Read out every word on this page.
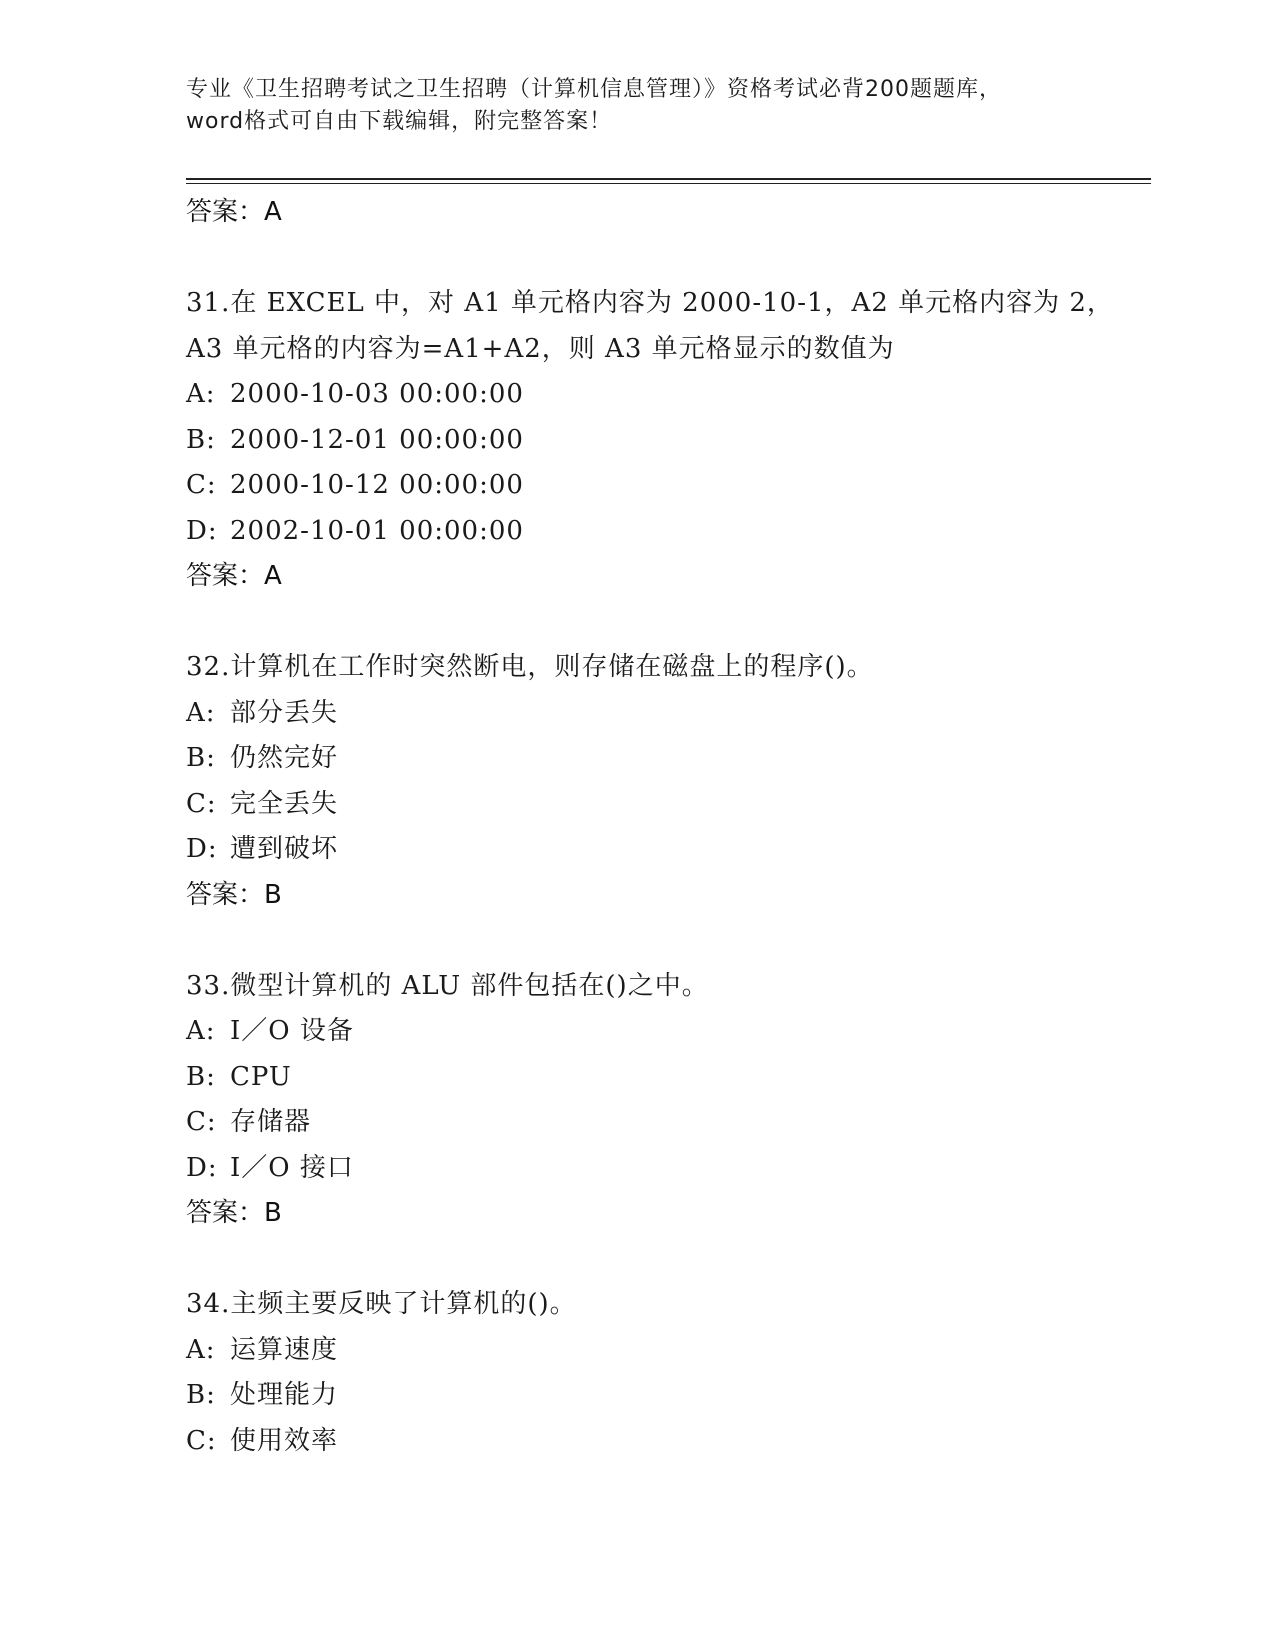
专业《卫生招聘考试之卫生招聘（计算机信息管理）》资格考试必背200题题库，
word格式可自由下载编辑，附完整答案！
答案：A
31.在 EXCEL 中，对 A1 单元格内容为 2000-10-1，A2 单元格内容为 2，
A3 单元格的内容为=A1+A2，则 A3 单元格显示的数值为
A: 2000-10-03 00:00:00
B: 2000-12-01 00:00:00
C: 2000-10-12 00:00:00
D: 2002-10-01 00:00:00
答案：A
32.计算机在工作时突然断电，则存储在磁盘上的程序()。
A: 部分丢失
B: 仍然完好
C: 完全丢失
D: 遭到破坏
答案：B
33.微型计算机的 ALU 部件包括在()之中。
A: I／O 设备
B: CPU
C: 存储器
D: I／O 接口
答案：B
34.主频主要反映了计算机的()。
A: 运算速度
B: 处理能力
C: 使用效率
